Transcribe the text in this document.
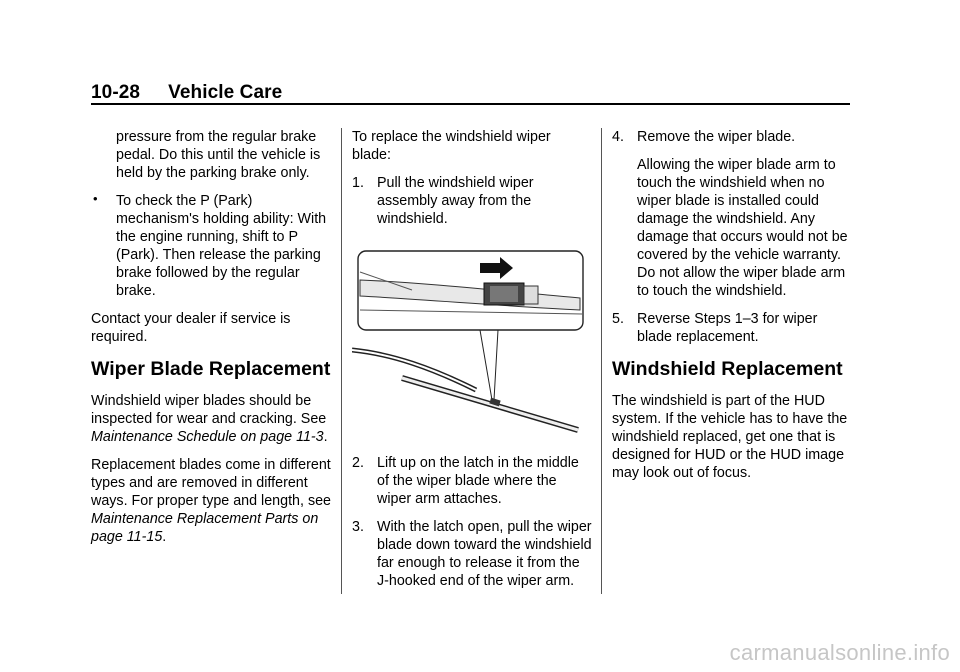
10-28 Vehicle Care

pressure from the regular brake pedal. Do this until the vehicle is held by the parking brake only.

• To check the P (Park) mechanism's holding ability: With the engine running, shift to P (Park). Then release the parking brake followed by the regular brake.

Contact your dealer if service is required.

Wiper Blade Replacement

Windshield wiper blades should be inspected for wear and cracking. See Maintenance Schedule on page 11-3.

Replacement blades come in different types and are removed in different ways. For proper type and length, see Maintenance Replacement Parts on page 11-15.

To replace the windshield wiper blade:

1. Pull the windshield wiper assembly away from the windshield.

2. Lift up on the latch in the middle of the wiper blade where the wiper arm attaches.

3. With the latch open, pull the wiper blade down toward the windshield far enough to release it from the J-hooked end of the wiper arm.

4. Remove the wiper blade.

Allowing the wiper blade arm to touch the windshield when no wiper blade is installed could damage the windshield. Any damage that occurs would not be covered by the vehicle warranty. Do not allow the wiper blade arm to touch the windshield.

5. Reverse Steps 1–3 for wiper blade replacement.

Windshield Replacement

The windshield is part of the HUD system. If the vehicle has to have the windshield replaced, get one that is designed for HUD or the HUD image may look out of focus.

carmanualsonline.info
